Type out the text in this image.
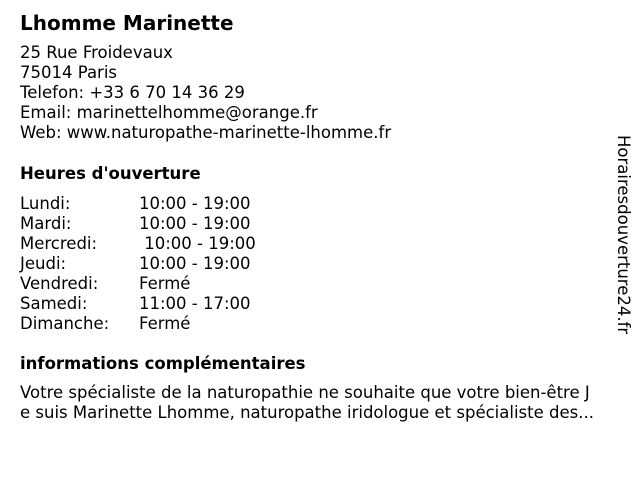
Lhomme Marinette
25 Rue Froidevaux
75014 Paris
Telefon: +33 6 70 14 36 29
Email: marinettelhomme@orange.fr
Web: www.naturopathe-marinette-lhomme.fr
Heures d'ouverture
Lundi:	10:00 - 19:00
Mardi:	10:00 - 19:00
Mercredi:	10:00 - 19:00
Jeudi:	10:00 - 19:00
Vendredi:	Fermé
Samedi:	11:00 - 17:00
Dimanche:	Fermé
informations complémentaires
Votre spécialiste de la naturopathie ne souhaite que votre bien-être J
e suis Marinette Lhomme, naturopathe iridologue et spécialiste des...
Horairesdouverture24.fr
